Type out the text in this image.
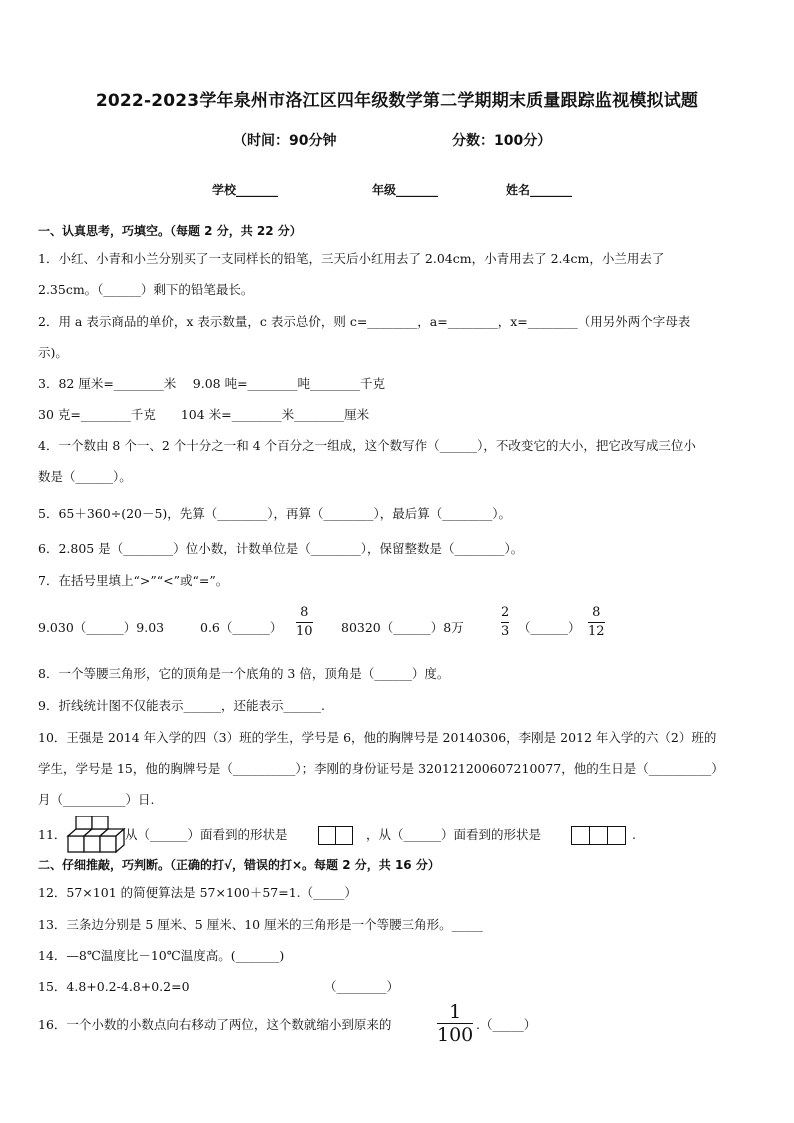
2022-2023学年泉州市洛江区四年级数学第二学期期末质量跟踪监视模拟试题
（时间：90分钟	分数：100分）
学校_______	年级_______	姓名_______
一、认真思考，巧填空。（每题 2 分，共 22 分）
1．小红、小青和小兰分别买了一支同样长的铅笔，三天后小红用去了 2.04cm，小青用去了 2.4cm，小兰用去了
2.35cm。（______）剩下的铅笔最长。
2．用 a 表示商品的单价，x 表示数量，c 表示总价，则 c=________，a=________，x=________（用另外两个字母表
示)。
3．82 厘米=________米　 9.08 吨=________吨________千克
30 克=________千克　　104 米=________米________厘米
4．一个数由 8 个一、2 个十分之一和 4 个百分之一组成，这个数写作（______），不改变它的大小，把它改写成三位小
数是（______）。
5．65＋360÷(20－5)，先算（________），再算（________），最后算（________）。
6．2.805 是（________）位小数，计数单位是（________），保留整数是（________）。
7．在括号里填上“>”“<”或“=”。
9.030（______）9.03	0.6（______）
8
10 80320（______）8万
2
3 （______）
8
12
8．一个等腰三角形，它的顶角是一个底角的 3 倍，顶角是（______）度。
9．折线统计图不仅能表示______，还能表示______.
10．王强是 2014 年入学的四（3）班的学生，学号是 6，他的胸牌号是 20140306，李刚是 2012 年入学的六（2）班的
学生，学号是 15，他的胸牌号是（__________）；李刚的身份证号是 320121200607210077，他的生日是（__________）
月（__________）日.
11．	从（______）面看到的形状是	，从（______）面看到的形状是	.
二、仔细推敲，巧判断。（正确的打√，错误的打×。每题 2 分，共 16 分）
12．57×101 的简便算法是 57×100＋57=1.（_____）
13．三条边分别是 5 厘米、5 厘米、10 厘米的三角形是一个等腰三角形。_____
14．—8℃温度比－10℃温度高。(_______)
15．4.8+0.2-4.8+0.2=0	（________）
16．一个小数的小数点向右移动了两位，这个数就缩小到原来的
1
100 .（_____）
